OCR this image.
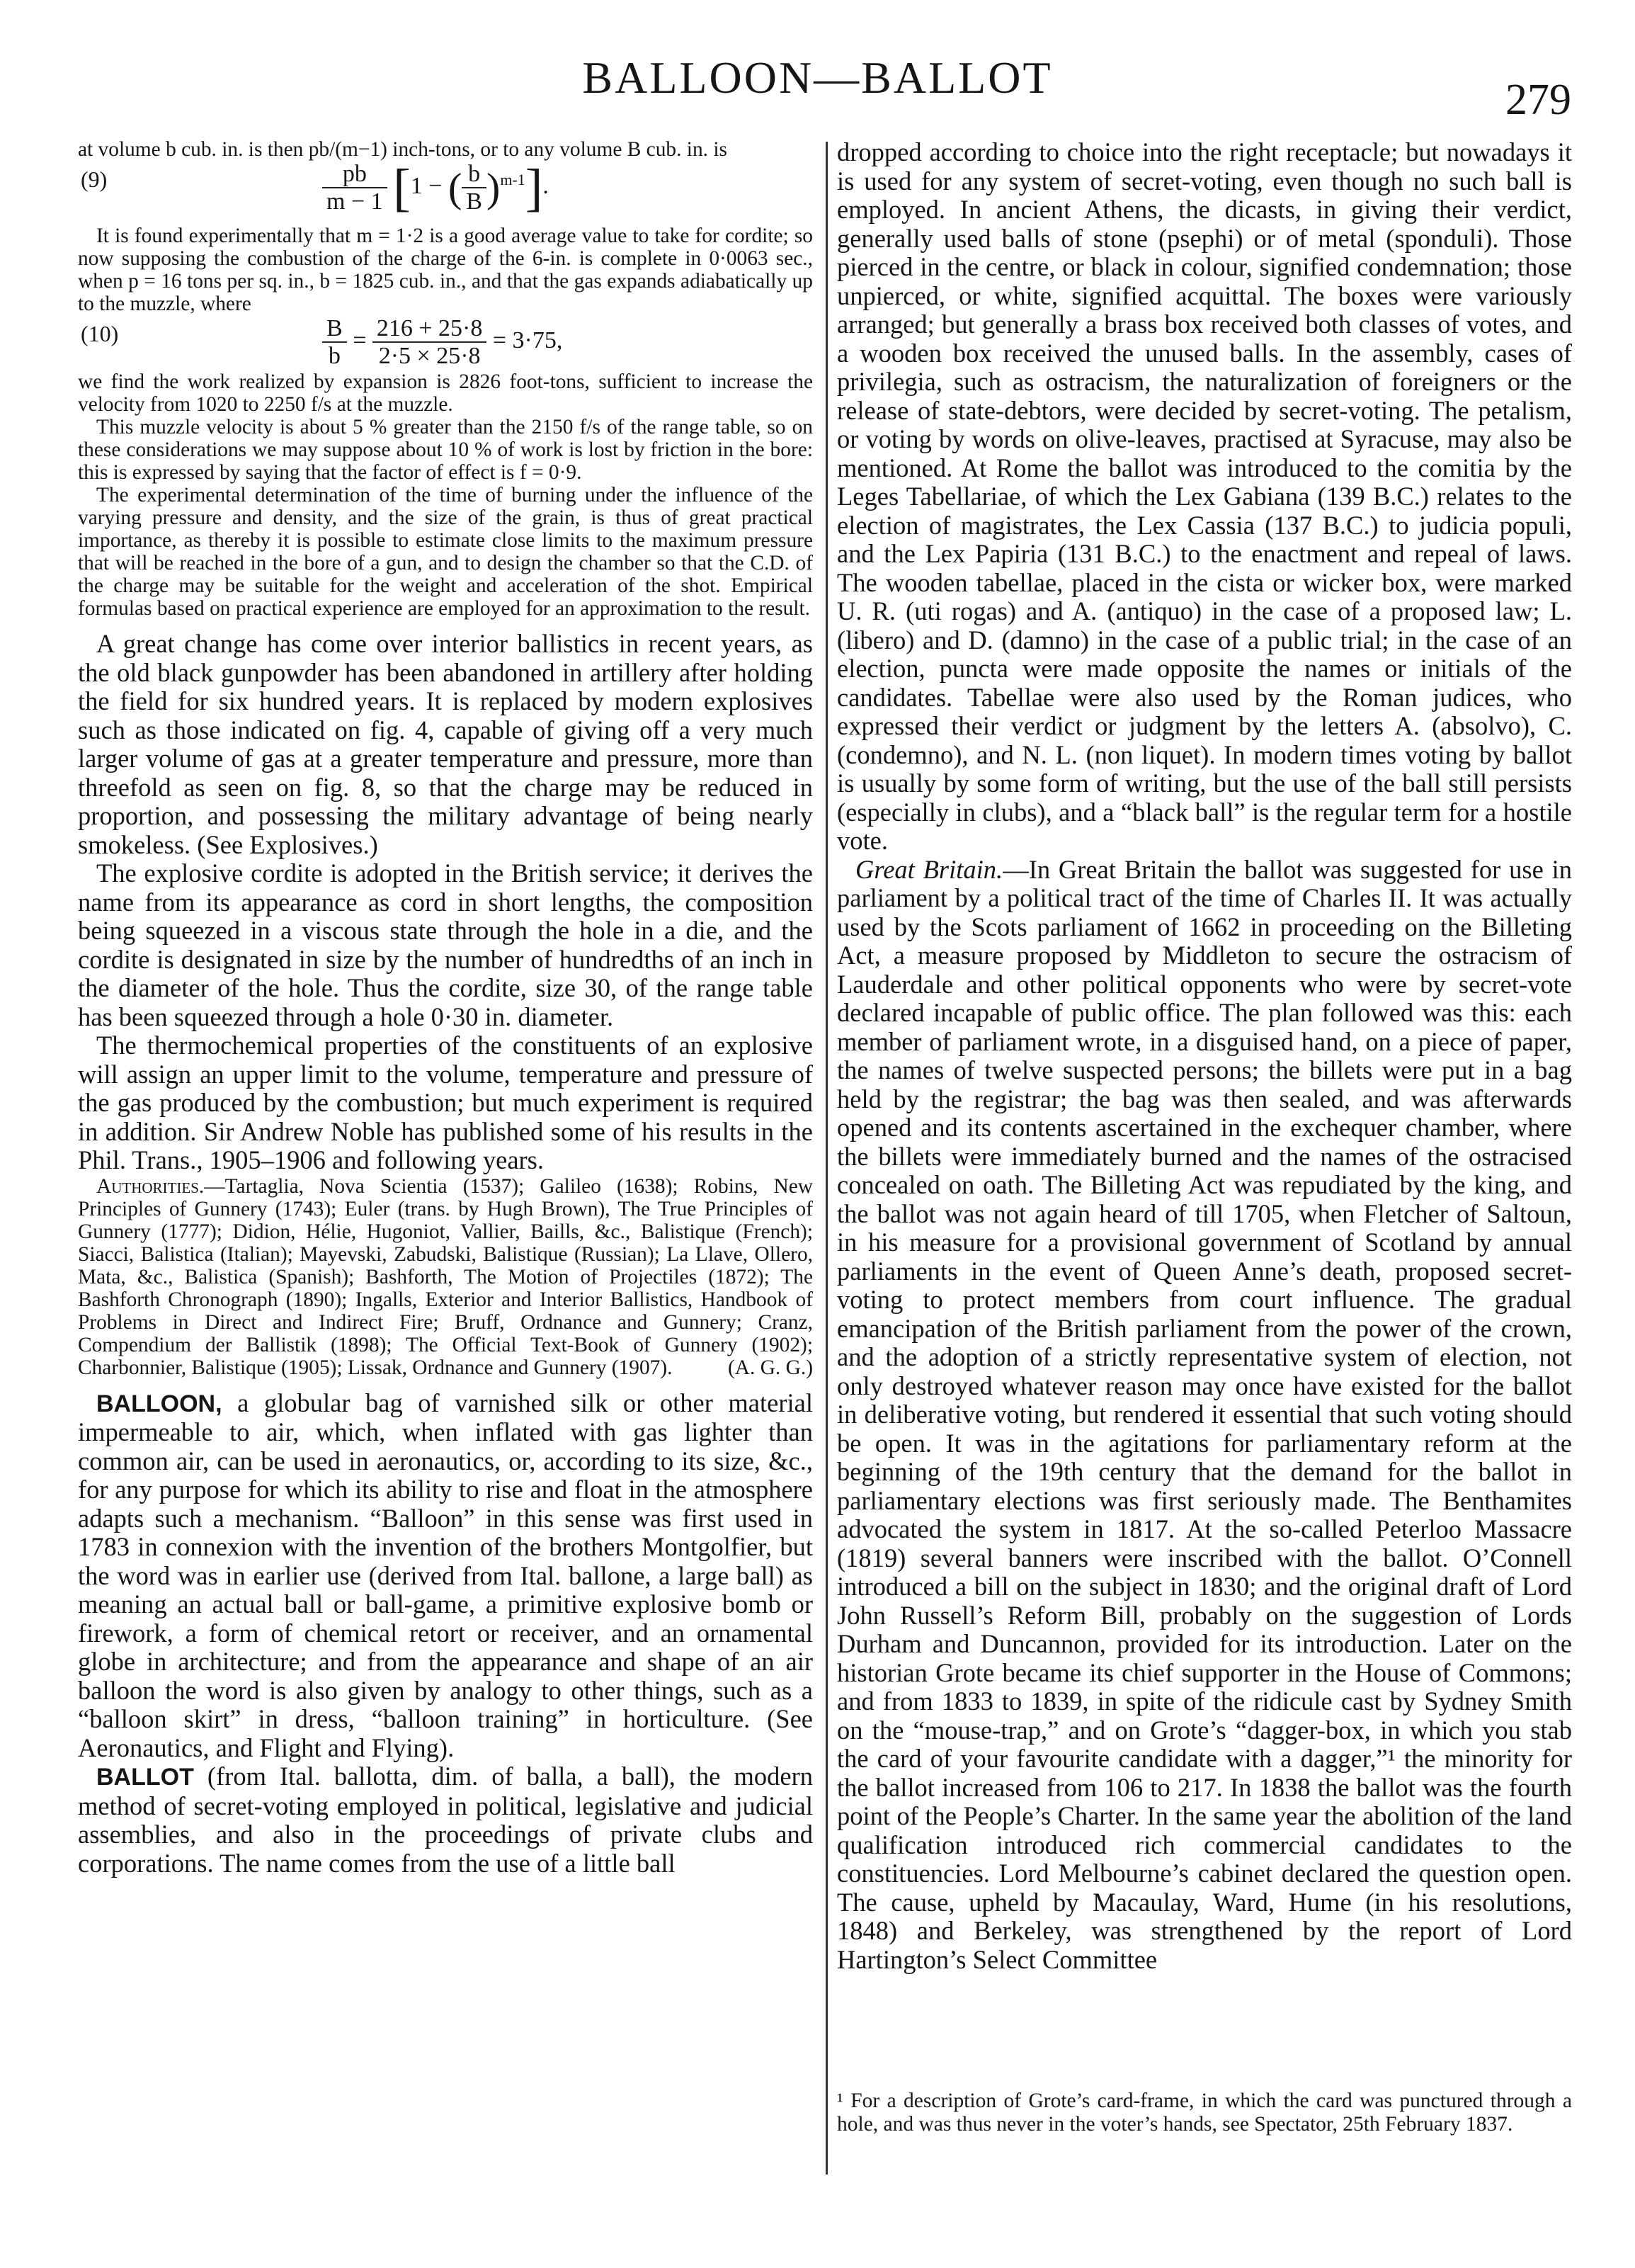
BALLOON—BALLOT	279

at volume b cub. in. is then pb/(m−1) inch-tons, or to any volume B cub. in. is

(9)	$\frac{pb}{m - 1} [1$ − ( $\frac{b}{B} )^{m-1}$].

It is found experimentally that m = 1·2 is a good average value to take for cordite; so now supposing the combustion of the charge of the 6-in. is complete in 0·0063 sec., when p = 16 tons per sq. in., b = 1825 cub. in., and that the gas expands adiabatically up to the muzzle, where

(10)	$\frac{B}{b} = \frac{216 + 25\cdot 8}{2\cdot 5 \times 25\cdot 8} = 3\cdot 75$,

we find the work realized by expansion is 2826 foot-tons, sufficient to increase the velocity from 1020 to 2250 f/s at the muzzle.

This muzzle velocity is about 5 % greater than the 2150 f/s of the range table, so on these considerations we may suppose about 10 % of work is lost by friction in the bore: this is expressed by saying that the factor of effect is f = 0·9.

The experimental determination of the time of burning under the influence of the varying pressure and density, and the size of the grain, is thus of great practical importance, as thereby it is possible to estimate close limits to the maximum pressure that will be reached in the bore of a gun, and to design the chamber so that the C.D. of the charge may be suitable for the weight and acceleration of the shot. Empirical formulas based on practical experience are employed for an approximation to the result.

A great change has come over interior ballistics in recent years, as the old black gunpowder has been abandoned in artillery after holding the field for six hundred years. It is replaced by modern explosives such as those indicated on fig. 4, capable of giving off a very much larger volume of gas at a greater temperature and pressure, more than threefold as seen on fig. 8, so that the charge may be reduced in proportion, and possessing the military advantage of being nearly smokeless. (See Explosives.)

The explosive cordite is adopted in the British service; it derives the name from its appearance as cord in short lengths, the composition being squeezed in a viscous state through the hole in a die, and the cordite is designated in size by the number of hundredths of an inch in the diameter of the hole. Thus the cordite, size 30, of the range table has been squeezed through a hole 0·30 in. diameter.

The thermochemical properties of the constituents of an explosive will assign an upper limit to the volume, temperature and pressure of the gas produced by the combustion; but much experiment is required in addition. Sir Andrew Noble has published some of his results in the Phil. Trans., 1905–1906 and following years.

Authorities.—Tartaglia, Nova Scientia (1537); Galileo (1638); Robins, New Principles of Gunnery (1743); Euler (trans. by Hugh Brown), The True Principles of Gunnery (1777); Didion, Hélie, Hugoniot, Vallier, Baills, &c., Balistique (French); Siacci, Balistica (Italian); Mayevski, Zabudski, Balistique (Russian); La Llave, Ollero, Mata, &c., Balistica (Spanish); Bashforth, The Motion of Projectiles (1872); The Bashforth Chronograph (1890); Ingalls, Exterior and Interior Ballistics, Handbook of Problems in Direct and Indirect Fire; Bruff, Ordnance and Gunnery; Cranz, Compendium der Ballistik (1898); The Official Text-Book of Gunnery (1902); Charbonnier, Balistique (1905); Lissak, Ordnance and Gunnery (1907).	(A. G. G.)

BALLOON, a globular bag of varnished silk or other material impermeable to air, which, when inflated with gas lighter than common air, can be used in aeronautics, or, according to its size, &c., for any purpose for which its ability to rise and float in the atmosphere adapts such a mechanism. “Balloon” in this sense was first used in 1783 in connexion with the invention of the brothers Montgolfier, but the word was in earlier use (derived from Ital. ballone, a large ball) as meaning an actual ball or ball-game, a primitive explosive bomb or firework, a form of chemical retort or receiver, and an ornamental globe in architecture; and from the appearance and shape of an air balloon the word is also given by analogy to other things, such as a “balloon skirt” in dress, “balloon training” in horticulture. (See Aeronautics, and Flight and Flying).

BALLOT (from Ital. ballotta, dim. of balla, a ball), the modern method of secret-voting employed in political, legislative and judicial assemblies, and also in the proceedings of private clubs and corporations. The name comes from the use of a little ball

dropped according to choice into the right receptacle; but nowadays it is used for any system of secret-voting, even though no such ball is employed. In ancient Athens, the dicasts, in giving their verdict, generally used balls of stone (psephi) or of metal (sponduli). Those pierced in the centre, or black in colour, signified condemnation; those unpierced, or white, signified acquittal. The boxes were variously arranged; but generally a brass box received both classes of votes, and a wooden box received the unused balls. In the assembly, cases of privilegia, such as ostracism, the naturalization of foreigners or the release of state-debtors, were decided by secret-voting. The petalism, or voting by words on olive-leaves, practised at Syracuse, may also be mentioned. At Rome the ballot was introduced to the comitia by the Leges Tabellariae, of which the Lex Gabiana (139 B.C.) relates to the election of magistrates, the Lex Cassia (137 B.C.) to judicia populi, and the Lex Papiria (131 B.C.) to the enactment and repeal of laws. The wooden tabellae, placed in the cista or wicker box, were marked U. R. (uti rogas) and A. (antiquo) in the case of a proposed law; L. (libero) and D. (damno) in the case of a public trial; in the case of an election, puncta were made opposite the names or initials of the candidates. Tabellae were also used by the Roman judices, who expressed their verdict or judgment by the letters A. (absolvo), C. (condemno), and N. L. (non liquet). In modern times voting by ballot is usually by some form of writing, but the use of the ball still persists (especially in clubs), and a “black ball” is the regular term for a hostile vote.

Great Britain.—In Great Britain the ballot was suggested for use in parliament by a political tract of the time of Charles II. It was actually used by the Scots parliament of 1662 in proceeding on the Billeting Act, a measure proposed by Middleton to secure the ostracism of Lauderdale and other political opponents who were by secret-vote declared incapable of public office. The plan followed was this: each member of parliament wrote, in a disguised hand, on a piece of paper, the names of twelve suspected persons; the billets were put in a bag held by the registrar; the bag was then sealed, and was afterwards opened and its contents ascertained in the exchequer chamber, where the billets were immediately burned and the names of the ostracised concealed on oath. The Billeting Act was repudiated by the king, and the ballot was not again heard of till 1705, when Fletcher of Saltoun, in his measure for a provisional government of Scotland by annual parliaments in the event of Queen Anne’s death, proposed secret-voting to protect members from court influence. The gradual emancipation of the British parliament from the power of the crown, and the adoption of a strictly representative system of election, not only destroyed whatever reason may once have existed for the ballot in deliberative voting, but rendered it essential that such voting should be open. It was in the agitations for parliamentary reform at the beginning of the 19th century that the demand for the ballot in parliamentary elections was first seriously made. The Benthamites advocated the system in 1817. At the so-called Peterloo Massacre (1819) several banners were inscribed with the ballot. O’Connell introduced a bill on the subject in 1830; and the original draft of Lord John Russell’s Reform Bill, probably on the suggestion of Lords Durham and Duncannon, provided for its introduction. Later on the historian Grote became its chief supporter in the House of Commons; and from 1833 to 1839, in spite of the ridicule cast by Sydney Smith on the “mouse-trap,” and on Grote’s “dagger-box, in which you stab the card of your favourite candidate with a dagger,”¹ the minority for the ballot increased from 106 to 217. In 1838 the ballot was the fourth point of the People’s Charter. In the same year the abolition of the land qualification introduced rich commercial candidates to the constituencies. Lord Melbourne’s cabinet declared the question open. The cause, upheld by Macaulay, Ward, Hume (in his resolutions, 1848) and Berkeley, was strengthened by the report of Lord Hartington’s Select Committee

¹ For a description of Grote’s card-frame, in which the card was punctured through a hole, and was thus never in the voter’s hands, see Spectator, 25th February 1837.
